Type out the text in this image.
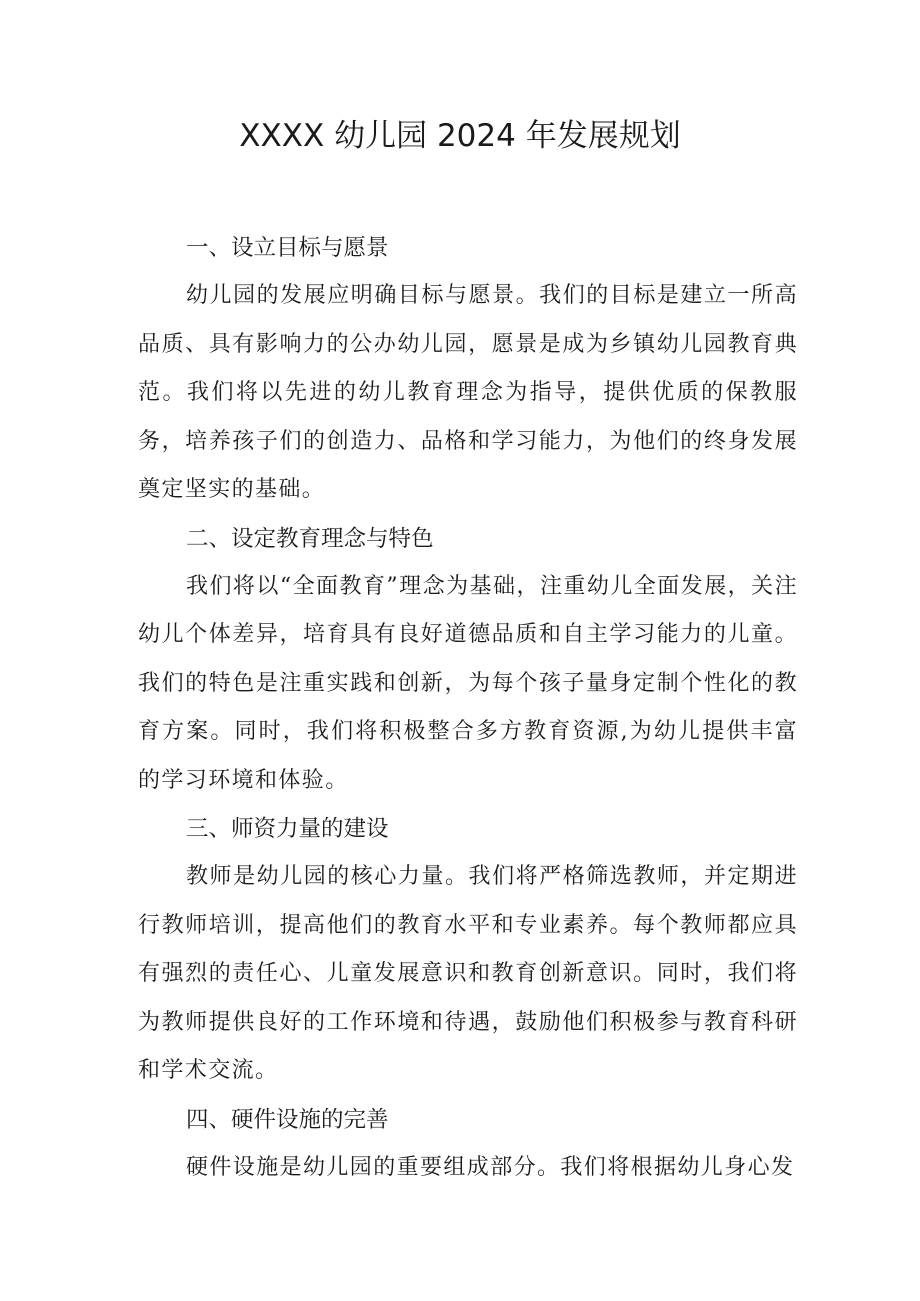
XXXX 幼儿园 2024 年发展规划
一、设立目标与愿景

幼儿园的发展应明确目标与愿景。我们的目标是建立一所高品质、具有影响力的公办幼儿园，愿景是成为乡镇幼儿园教育典范。我们将以先进的幼儿教育理念为指导，提供优质的保教服务，培养孩子们的创造力、品格和学习能力，为他们的终身发展奠定坚实的基础。

二、设定教育理念与特色

我们将以“全面教育”理念为基础，注重幼儿全面发展，关注幼儿个体差异，培育具有良好道德品质和自主学习能力的儿童。我们的特色是注重实践和创新，为每个孩子量身定制个性化的教育方案。同时，我们将积极整合多方教育资源,为幼儿提供丰富的学习环境和体验。

三、师资力量的建设

教师是幼儿园的核心力量。我们将严格筛选教师，并定期进行教师培训，提高他们的教育水平和专业素养。每个教师都应具有强烈的责任心、儿童发展意识和教育创新意识。同时，我们将为教师提供良好的工作环境和待遇，鼓励他们积极参与教育科研和学术交流。

四、硬件设施的完善

硬件设施是幼儿园的重要组成部分。我们将根据幼儿身心发
